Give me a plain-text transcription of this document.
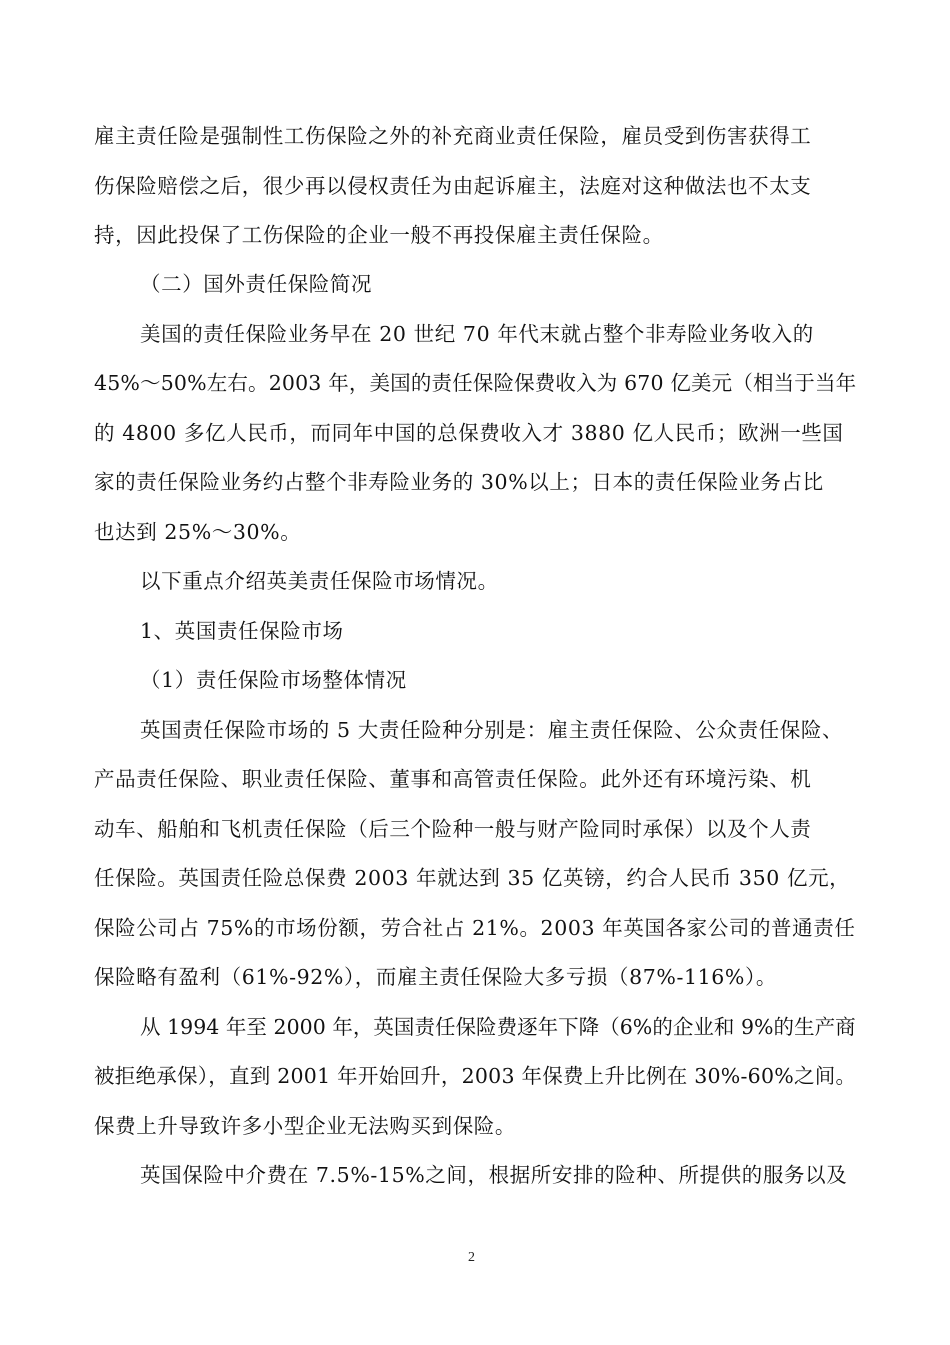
雇主责任险是强制性工伤保险之外的补充商业责任保险，雇员受到伤害获得工
伤保险赔偿之后，很少再以侵权责任为由起诉雇主，法庭对这种做法也不太支
持，因此投保了工伤保险的企业一般不再投保雇主责任保险。
（二）国外责任保险简况
美国的责任保险业务早在 20 世纪 70 年代末就占整个非寿险业务收入的
45%～50%左右。2003 年，美国的责任保险保费收入为 670 亿美元（相当于当年
的 4800 多亿人民币，而同年中国的总保费收入才 3880 亿人民币；欧洲一些国
家的责任保险业务约占整个非寿险业务的 30%以上；日本的责任保险业务占比
也达到 25%～30%。
以下重点介绍英美责任保险市场情况。
1、英国责任保险市场
（1）责任保险市场整体情况
英国责任保险市场的 5 大责任险种分别是：雇主责任保险、公众责任保险、
产品责任保险、职业责任保险、董事和高管责任保险。此外还有环境污染、机
动车、船舶和飞机责任保险（后三个险种一般与财产险同时承保）以及个人责
任保险。英国责任险总保费 2003 年就达到 35 亿英镑，约合人民币 350 亿元，
保险公司占 75%的市场份额，劳合社占 21%。2003 年英国各家公司的普通责任
保险略有盈利（61%-92%），而雇主责任保险大多亏损（87%-116%）。
从 1994 年至 2000 年，英国责任保险费逐年下降（6%的企业和 9%的生产商
被拒绝承保），直到 2001 年开始回升，2003 年保费上升比例在 30%-60%之间。
保费上升导致许多小型企业无法购买到保险。
英国保险中介费在 7.5%-15%之间，根据所安排的险种、所提供的服务以及
2
